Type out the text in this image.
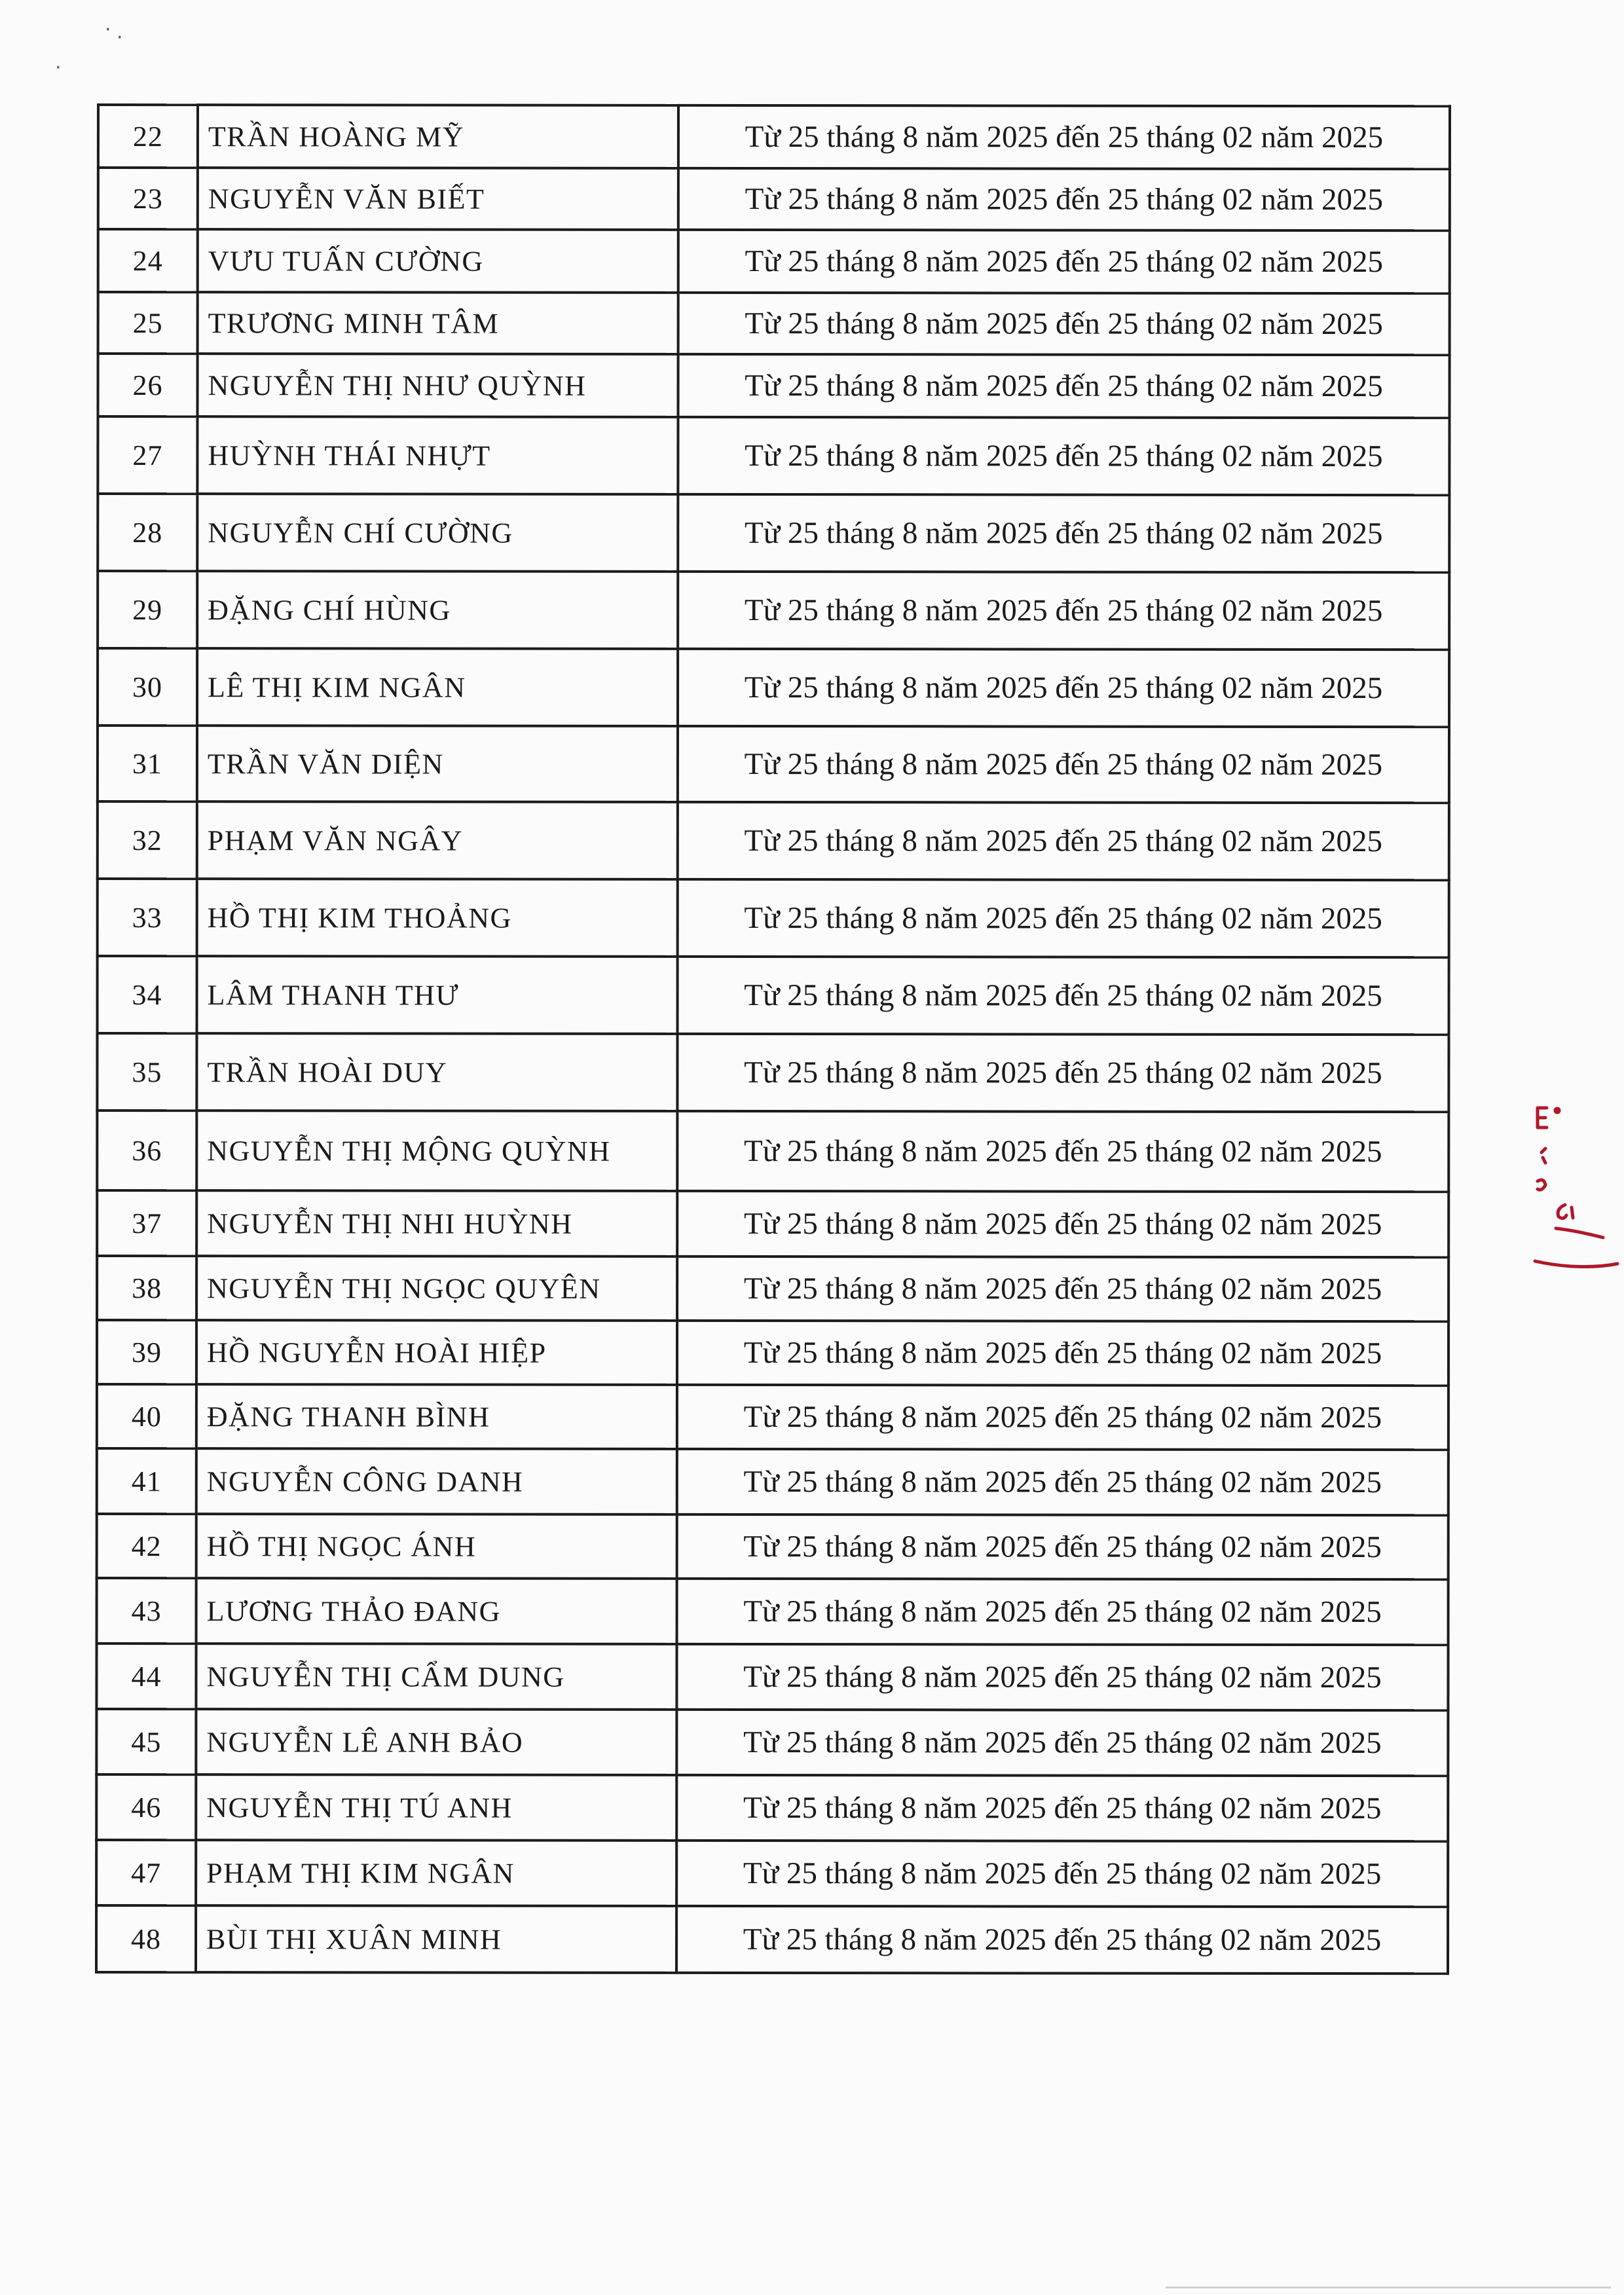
· ·
·
22	TRẦN HOÀNG MỸ	Từ 25 tháng 8 năm 2025 đến 25 tháng 02 năm 2025
23	NGUYỄN VĂN BIẾT	Từ 25 tháng 8 năm 2025 đến 25 tháng 02 năm 2025
24	VƯU TUẤN CƯỜNG	Từ 25 tháng 8 năm 2025 đến 25 tháng 02 năm 2025
25	TRƯƠNG MINH TÂM	Từ 25 tháng 8 năm 2025 đến 25 tháng 02 năm 2025
26	NGUYỄN THỊ NHƯ QUỲNH	Từ 25 tháng 8 năm 2025 đến 25 tháng 02 năm 2025
27	HUỲNH THÁI NHỰT	Từ 25 tháng 8 năm 2025 đến 25 tháng 02 năm 2025
28	NGUYỄN CHÍ CƯỜNG	Từ 25 tháng 8 năm 2025 đến 25 tháng 02 năm 2025
29	ĐẶNG CHÍ HÙNG	Từ 25 tháng 8 năm 2025 đến 25 tháng 02 năm 2025
30	LÊ THỊ KIM NGÂN	Từ 25 tháng 8 năm 2025 đến 25 tháng 02 năm 2025
31	TRẦN VĂN DIỆN	Từ 25 tháng 8 năm 2025 đến 25 tháng 02 năm 2025
32	PHẠM VĂN NGÂY	Từ 25 tháng 8 năm 2025 đến 25 tháng 02 năm 2025
33	HỒ THỊ KIM THOẢNG	Từ 25 tháng 8 năm 2025 đến 25 tháng 02 năm 2025
34	LÂM THANH THƯ	Từ 25 tháng 8 năm 2025 đến 25 tháng 02 năm 2025
35	TRẦN HOÀI DUY	Từ 25 tháng 8 năm 2025 đến 25 tháng 02 năm 2025
36	NGUYỄN THỊ MỘNG QUỲNH	Từ 25 tháng 8 năm 2025 đến 25 tháng 02 năm 2025
37	NGUYỄN THỊ NHI HUỲNH	Từ 25 tháng 8 năm 2025 đến 25 tháng 02 năm 2025
38	NGUYỄN THỊ NGỌC QUYÊN	Từ 25 tháng 8 năm 2025 đến 25 tháng 02 năm 2025
39	HỒ NGUYỄN HOÀI HIỆP	Từ 25 tháng 8 năm 2025 đến 25 tháng 02 năm 2025
40	ĐẶNG THANH BÌNH	Từ 25 tháng 8 năm 2025 đến 25 tháng 02 năm 2025
41	NGUYỄN CÔNG DANH	Từ 25 tháng 8 năm 2025 đến 25 tháng 02 năm 2025
42	HỒ THỊ NGỌC ÁNH	Từ 25 tháng 8 năm 2025 đến 25 tháng 02 năm 2025
43	LƯƠNG THẢO ĐANG	Từ 25 tháng 8 năm 2025 đến 25 tháng 02 năm 2025
44	NGUYỄN THỊ CẨM DUNG	Từ 25 tháng 8 năm 2025 đến 25 tháng 02 năm 2025
45	NGUYỄN LÊ ANH BẢO	Từ 25 tháng 8 năm 2025 đến 25 tháng 02 năm 2025
46	NGUYỄN THỊ TÚ ANH	Từ 25 tháng 8 năm 2025 đến 25 tháng 02 năm 2025
47	PHẠM THỊ KIM NGÂN	Từ 25 tháng 8 năm 2025 đến 25 tháng 02 năm 2025
48	BÙI THỊ XUÂN MINH	Từ 25 tháng 8 năm 2025 đến 25 tháng 02 năm 2025
